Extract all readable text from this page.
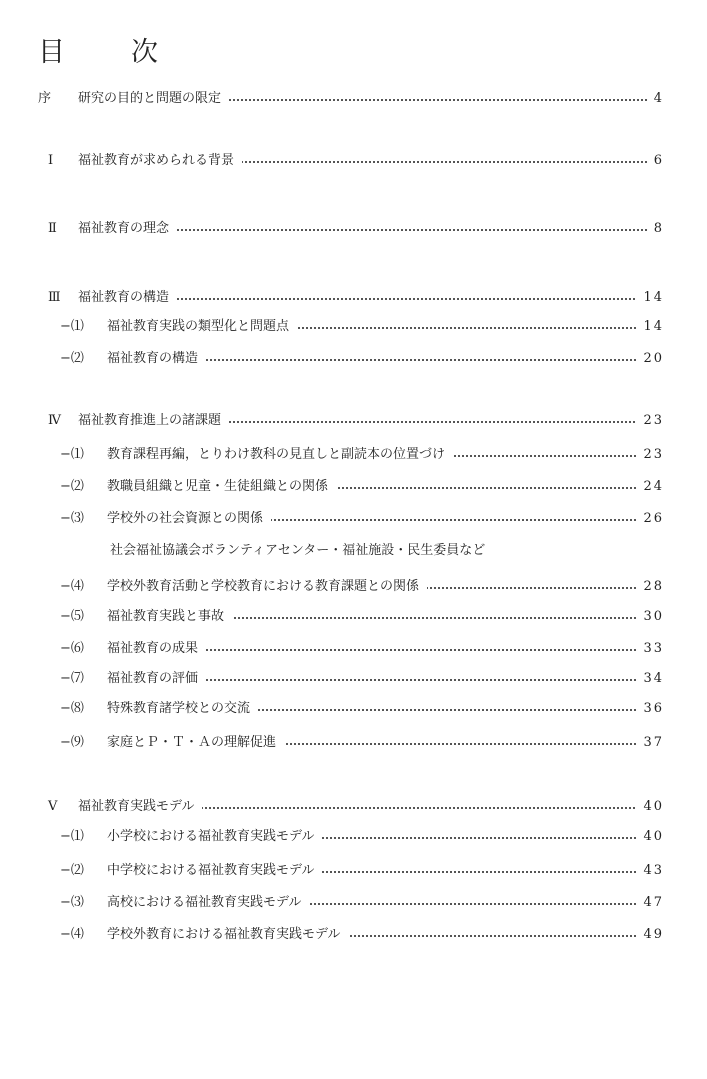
目 次
序 研究の目的と問題の限定	4
Ⅰ 福祉教育が求められる背景	6
Ⅱ 福祉教育の理念	8
Ⅲ 福祉教育の構造	14
−⑴ 福祉教育実践の類型化と問題点	14
−⑵ 福祉教育の構造	20
Ⅳ 福祉教育推進上の諸課題	23
−⑴ 教育課程再編，とりわけ教科の見直しと副読本の位置づけ	23
−⑵ 教職員組織と児童・生徒組織との関係	24
−⑶ 学校外の社会資源との関係	26
−⑷ 学校外教育活動と学校教育における教育課題との関係	28
−⑸ 福祉教育実践と事故	30
−⑹ 福祉教育の成果	33
−⑺ 福祉教育の評価	34
−⑻ 特殊教育諸学校との交流	36
−⑼ 家庭とＰ・Ｔ・Ａの理解促進	37
Ⅴ 福祉教育実践モデル	40
−⑴ 小学校における福祉教育実践モデル	40
−⑵ 中学校における福祉教育実践モデル	43
−⑶ 高校における福祉教育実践モデル	47
−⑷ 学校外教育における福祉教育実践モデル	49
社会福祉協議会ボランティアセンター・福祉施設・民生委員など
